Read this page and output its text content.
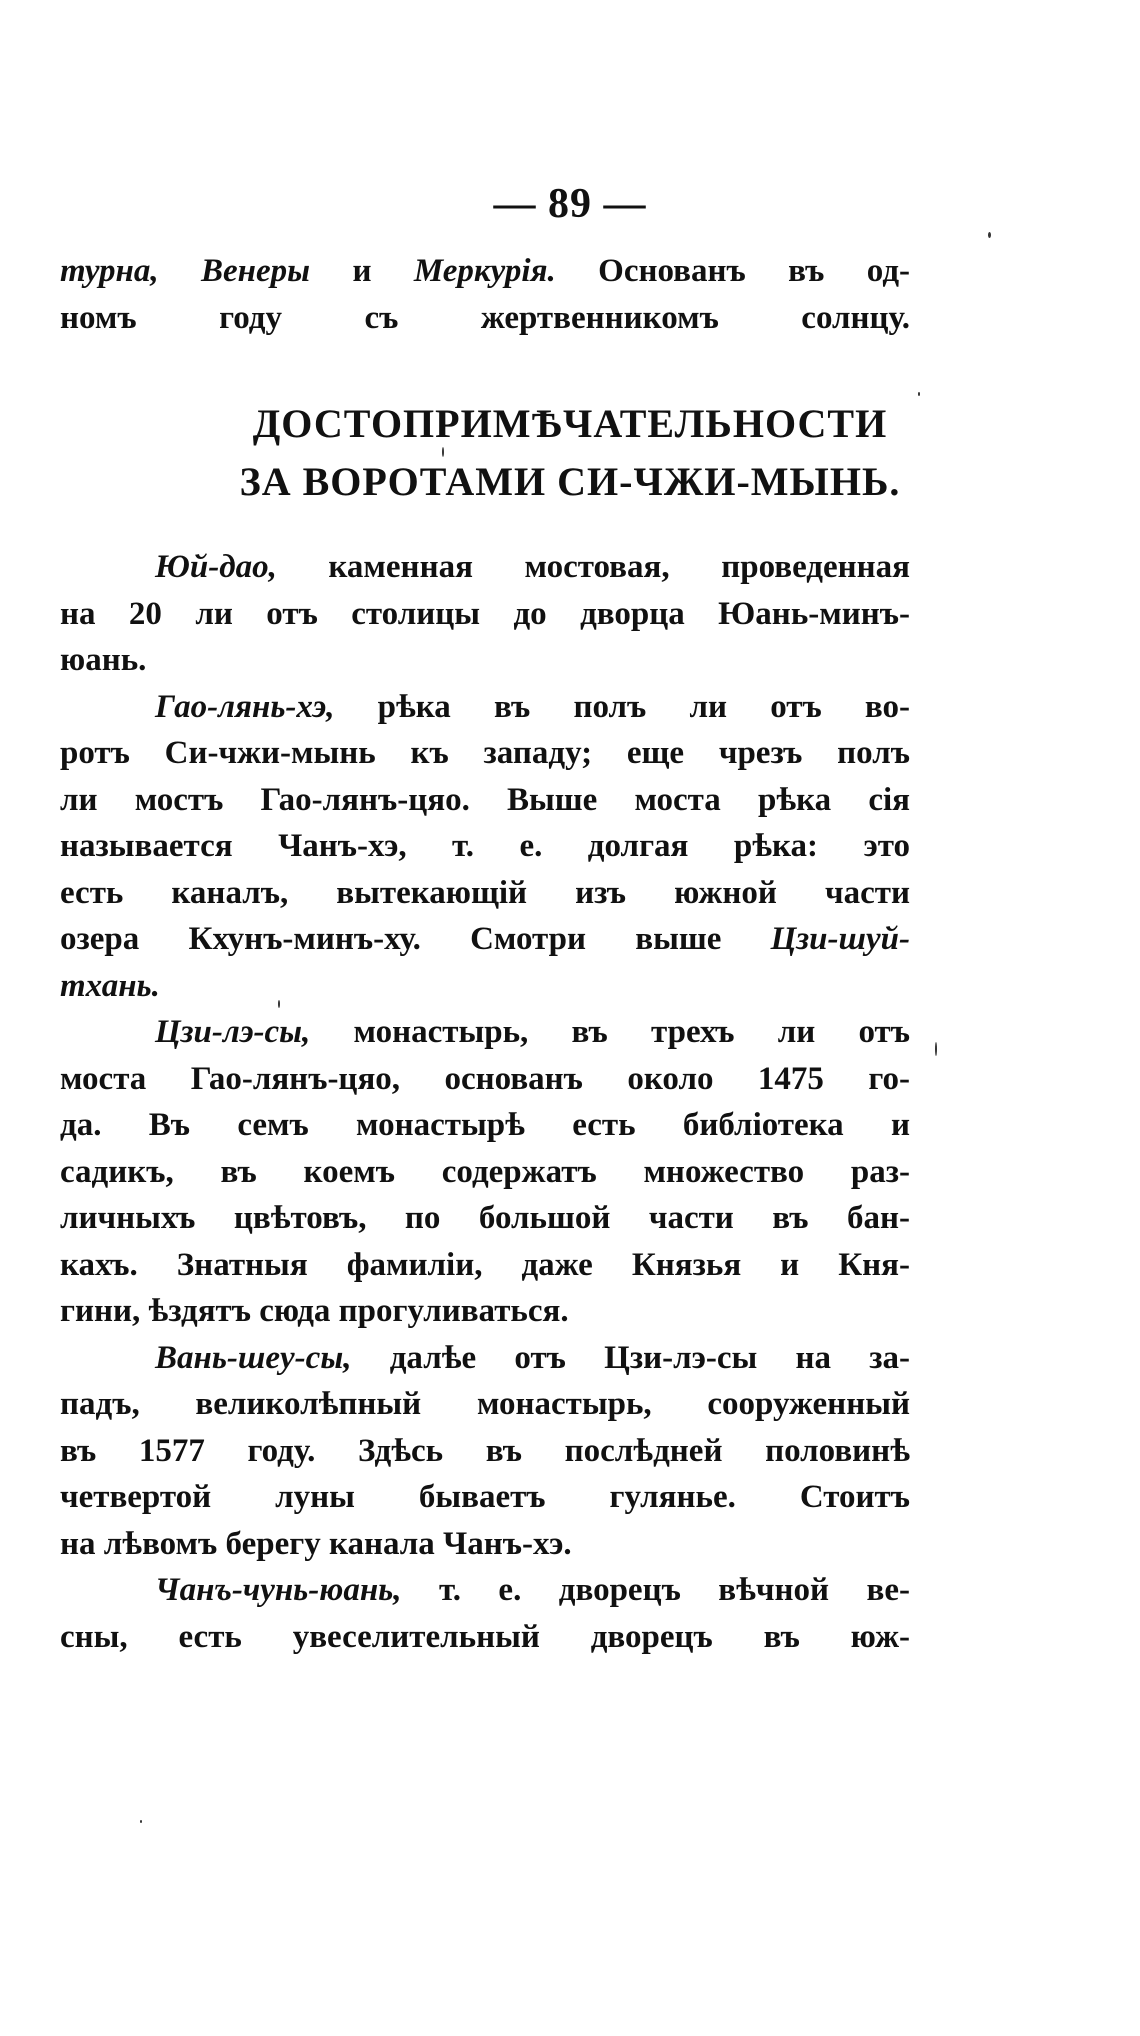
— 89 —
турна, Венеры и Меркурія. Основанъ въ од-
номъ году съ жертвенникомъ солнцу.
ДОСТОПРИМѢЧАТЕЛЬНОСТИ
ЗА ВОРОТАМИ СИ-ЧЖИ-МЫНЬ.
Юй-дао, каменная мостовая, проведенная
на 20 ли отъ столицы до дворца Юань-минъ-
юань.
Гао-лянь-хэ, рѣка въ полъ ли отъ во-
ротъ Си-чжи-мынь къ западу; еще чрезъ полъ
ли мостъ Гао-лянъ-цяо. Выше моста рѣка сія
называется Чанъ-хэ, т. е. долгая рѣка: это
есть каналъ, вытекающій изъ южной части
озера Кхунъ-минъ-ху. Смотри выше Цзи-шуй-
тхань.
Цзи-лэ-сы, монастырь, въ трехъ ли отъ
моста Гао-лянъ-цяо, основанъ около 1475 го-
да. Въ семъ монастырѣ есть библіотека и
садикъ, въ коемъ содержатъ множество раз-
личныхъ цвѣтовъ, по большой части въ бан-
кахъ. Знатныя фамиліи, даже Князья и Кня-
гини, ѣздятъ сюда прогуливаться.
Вань-шеу-сы, далѣе отъ Цзи-лэ-сы на за-
падъ, великолѣпный монастырь, сооруженный
въ 1577 году. Здѣсь въ послѣдней половинѣ
четвертой луны бываетъ гулянье. Стоитъ
на лѣвомъ берегу канала Чанъ-хэ.
Чанъ-чунь-юань, т. е. дворецъ вѣчной ве-
сны, есть увеселительный дворецъ въ юж-
